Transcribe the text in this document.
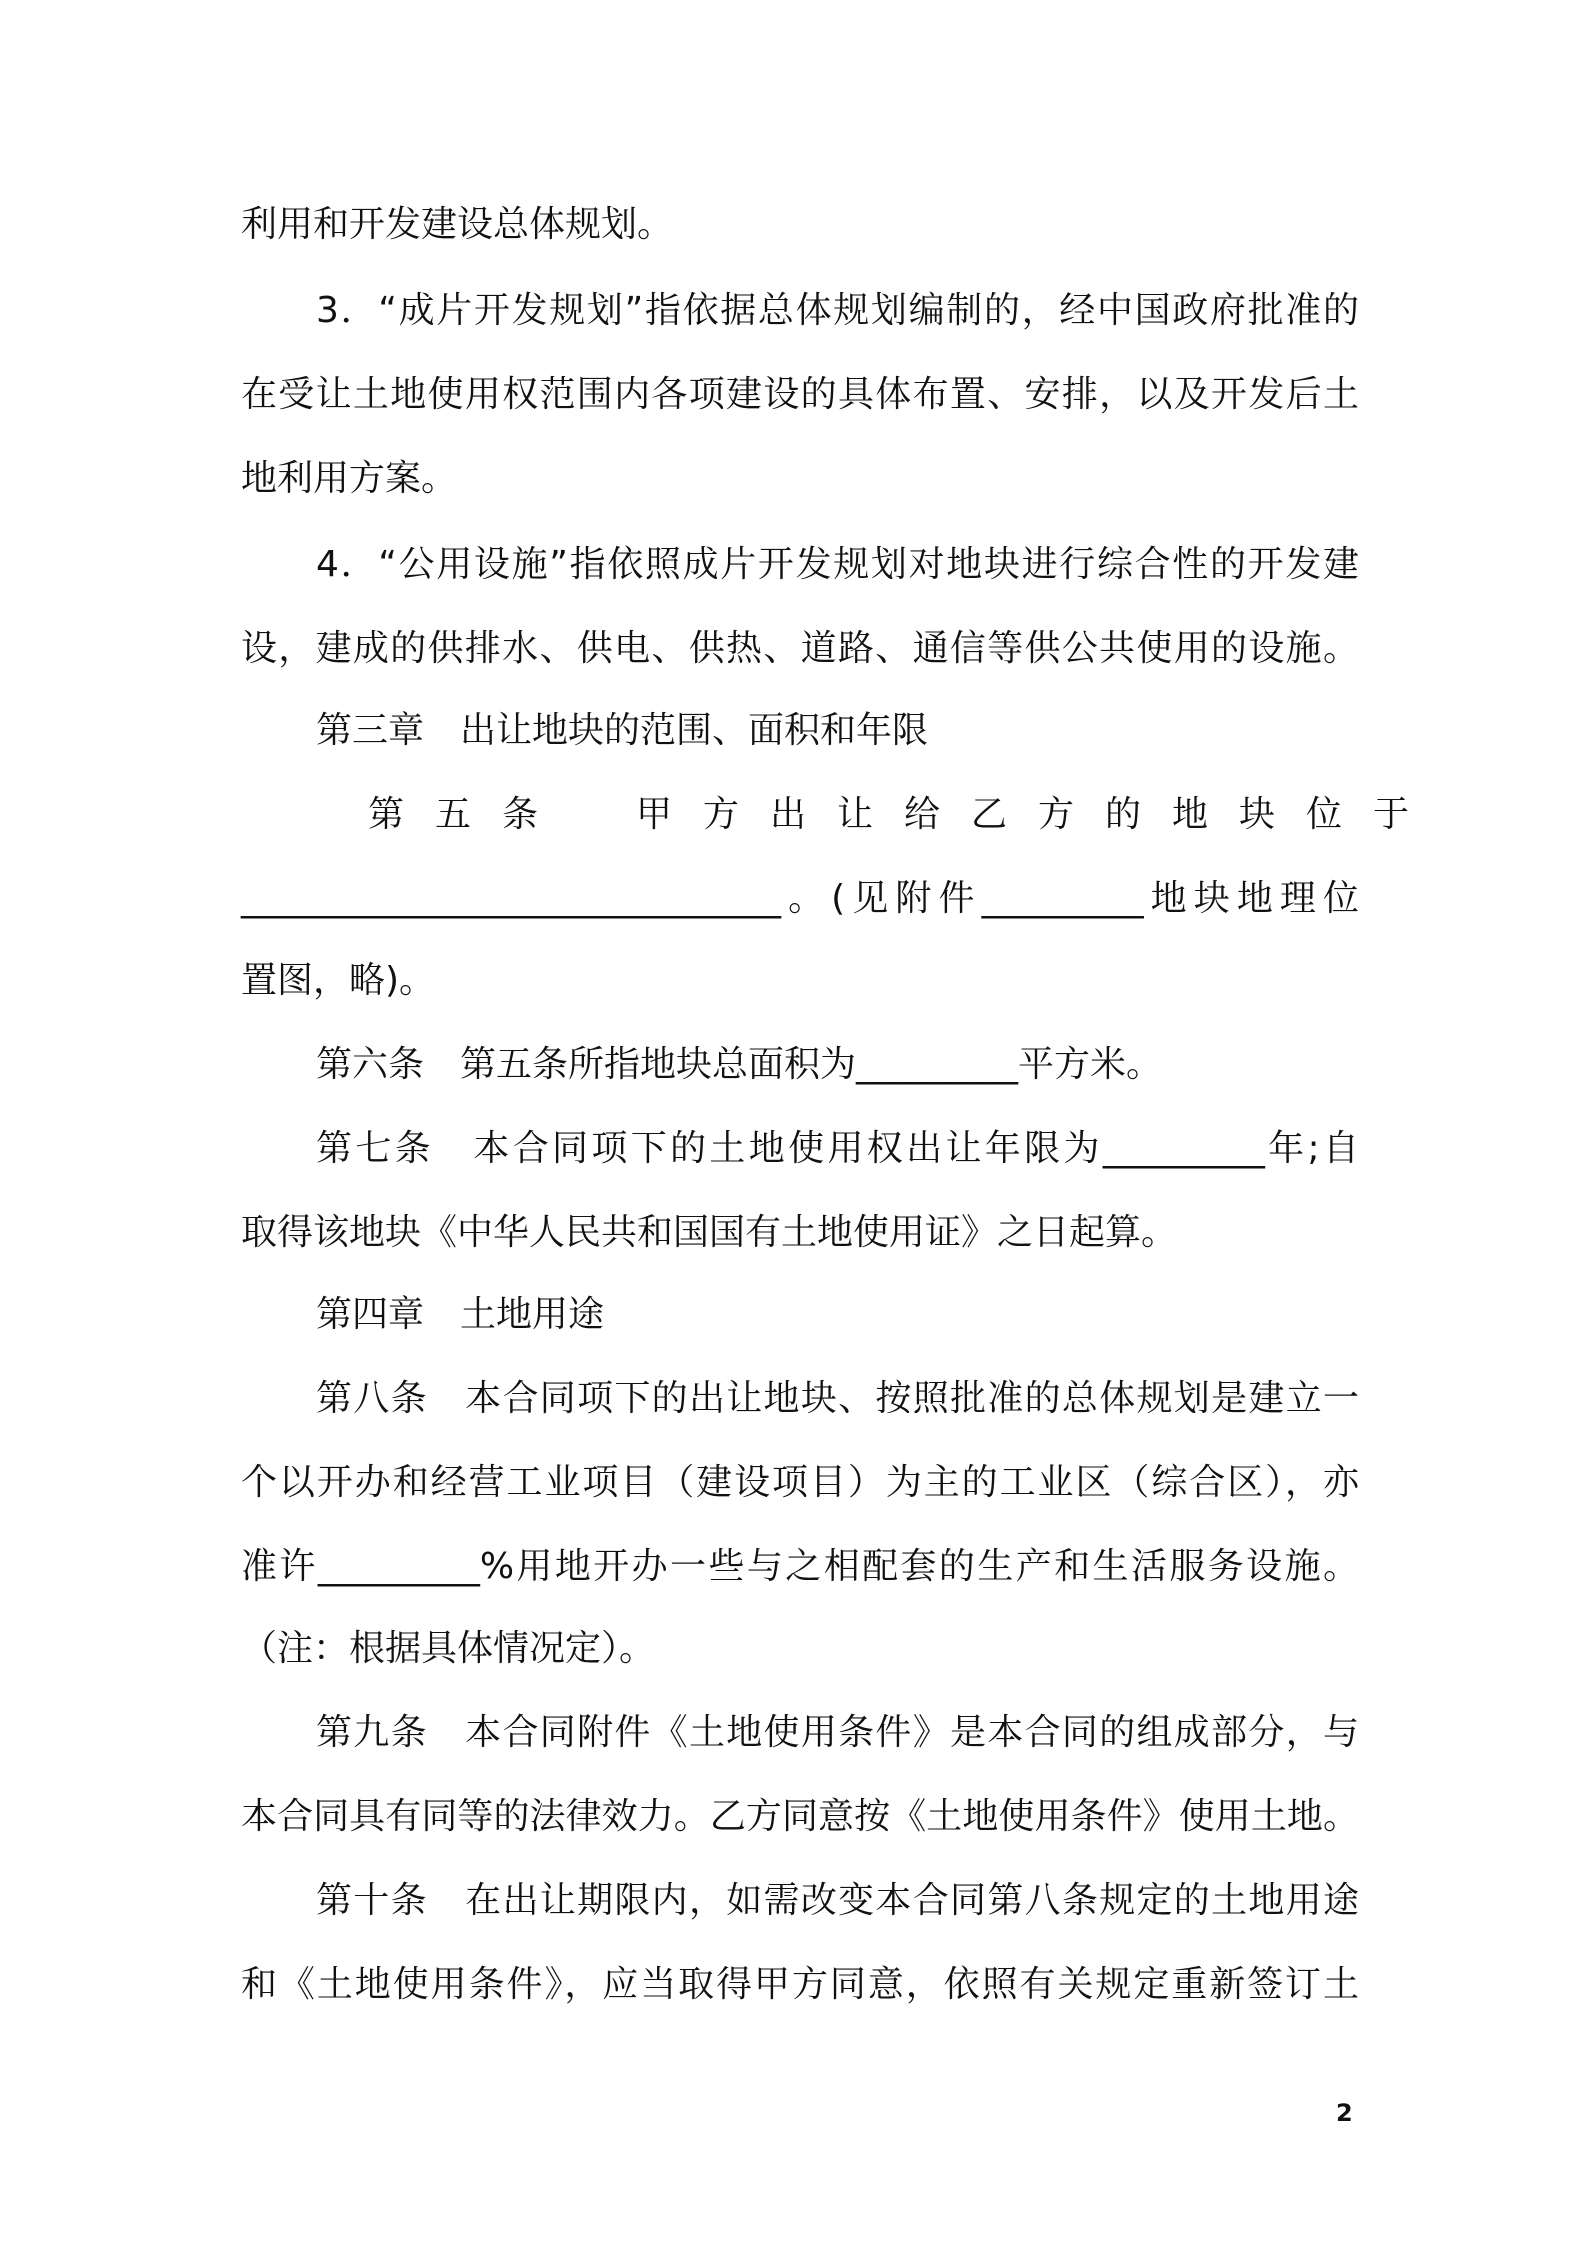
利用和开发建设总体规划。
3．“成片开发规划”指依据总体规划编制的，经中国政府批准的
在受让土地使用权范围内各项建设的具体布置、安排，以及开发后土
地利用方案。
4．“公用设施”指依照成片开发规划对地块进行综合性的开发建
设，建成的供排水、供电、供热、道路、通信等供公共使用的设施。
第三章　出让地块的范围、面积和年限
第五条　甲方出让给乙方的地块位于
______________________________。(见附件_________地块地理位
置图，略)。
第六条　第五条所指地块总面积为_________平方米。
第七条　本合同项下的土地使用权出让年限为_________年;自
取得该地块《中华人民共和国国有土地使用证》之日起算。
第四章　土地用途
第八条　本合同项下的出让地块、按照批准的总体规划是建立一
个以开办和经营工业项目（建设项目）为主的工业区（综合区），亦
准许_________%用地开办一些与之相配套的生产和生活服务设施。
（注：根据具体情况定）。
第九条　本合同附件《土地使用条件》是本合同的组成部分，与
本合同具有同等的法律效力。乙方同意按《土地使用条件》使用土地。
第十条　在出让期限内，如需改变本合同第八条规定的土地用途
和《土地使用条件》，应当取得甲方同意，依照有关规定重新签订土
2
